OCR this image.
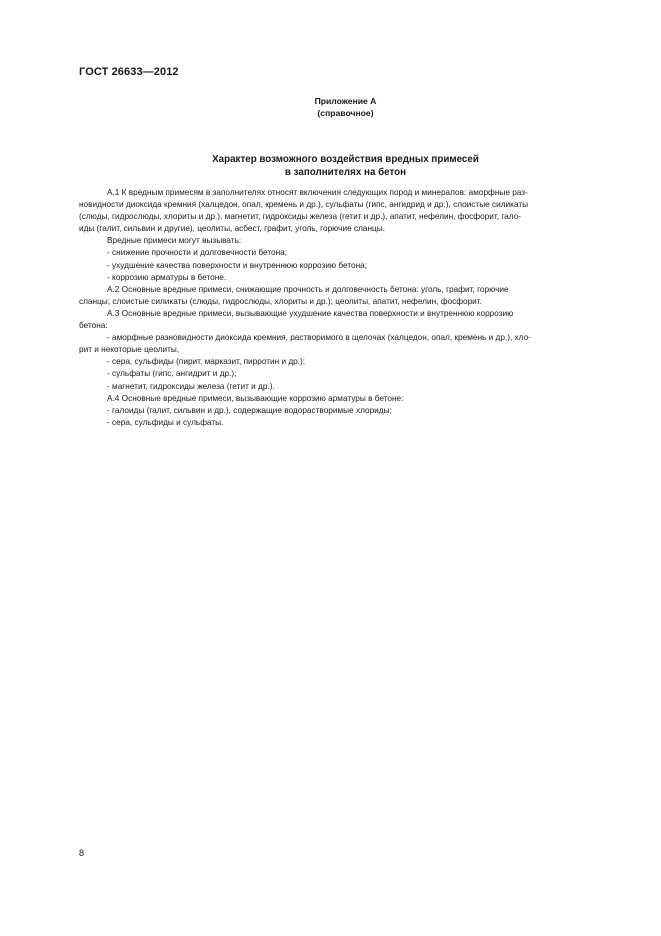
ГОСТ 26633—2012
Приложение А
(справочное)
Характер возможного воздействия вредных примесей
в заполнителях на бетон

А.1 К вредным примесям в заполнителях относят включения следующих пород и минералов: аморфные раз-

новидности диоксида кремния (халцедон, опал, кремень и др.), сульфаты (гипс, ангидрид и др.), слоистые силикаты

(слюды, гидрослюды, хлориты и др.), магнетит, гидроксиды железа (гетит и др.), апатит, нефелин, фосфорит, гало-

иды (галит, сильвин и другие), цеолиты, асбест, графит, уголь, горючие сланцы.

Вредные примеси могут вызывать:

- снижение прочности и долговечности бетона;

- ухудшение качества поверхности и внутреннюю коррозию бетона;

- коррозию арматуры в бетоне.

А.2 Основные вредные примеси, снижающие прочность и долговечность бетона: уголь, графит, горючие

сланцы; слоистые силикаты (слюды, гидрослюды, хлориты и др.); цеолиты, апатит, нефелин, фосфорит.

А.3 Основные вредные примеси, вызывающие ухудшение качества поверхности и внутреннюю коррозию

бетона:

- аморфные разновидности диоксида кремния, растворимого в щелочах (халцедон, опал, кремень и др.), хло-

рит и некоторые цеолиты,

- сера, сульфиды (пирит, марказит, пирротин и др.);

- сульфаты (гипс, ангидрит и др.);

- магнетит, гидроксиды железа (гетит и др.).

А.4 Основные вредные примеси, вызывающие коррозию арматуры в бетоне:

- галоиды (галит, сильвин и др.), содержащие водорастворимые хлориды;

- сера, сульфиды и сульфаты.

8
